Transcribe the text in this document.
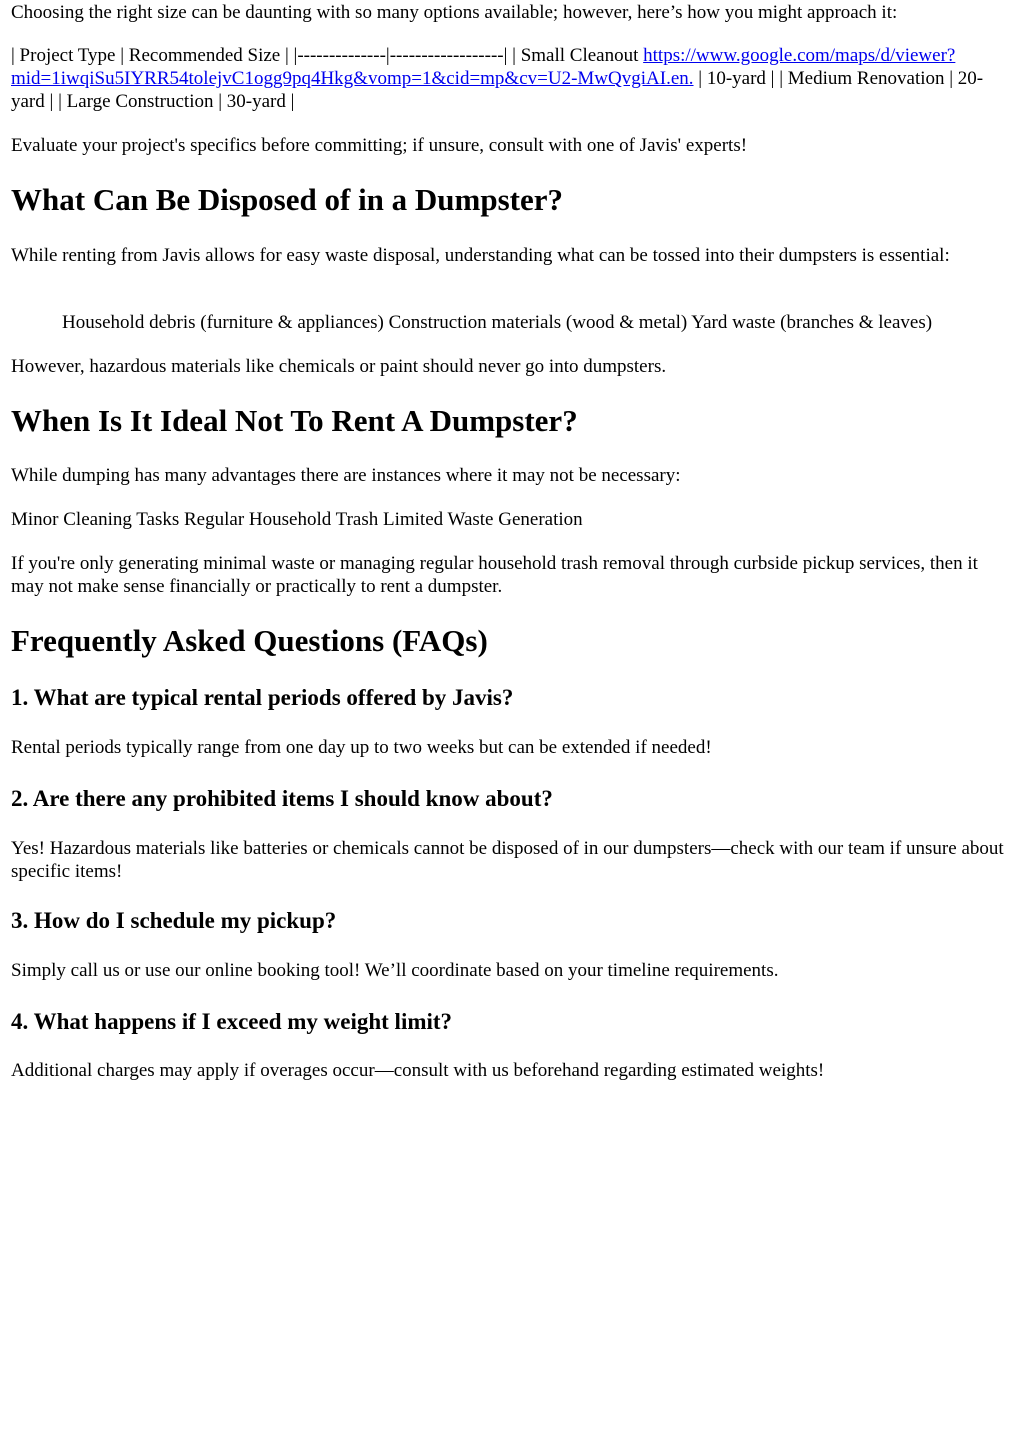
Choosing the right size can be daunting with so many options available; however, here’s how you might approach it:

| Project Type | Recommended Size | |--------------|------------------| | Small Cleanout https://www.google.com/maps/d/viewer?mid=1iwqiSu5IYRR54tolejvC1ogg9pq4Hkg&vomp=1&cid=mp&cv=U2-MwQvgiAI.en. | 10-yard | | Medium Renovation | 20-yard | | Large Construction | 30-yard |

Evaluate your project's specifics before committing; if unsure, consult with one of Javis' experts!

What Can Be Disposed of in a Dumpster?

While renting from Javis allows for easy waste disposal, understanding what can be tossed into their dumpsters is essential:

Household debris (furniture & appliances) Construction materials (wood & metal) Yard waste (branches & leaves)

However, hazardous materials like chemicals or paint should never go into dumpsters.

When Is It Ideal Not To Rent A Dumpster?

While dumping has many advantages there are instances where it may not be necessary:

Minor Cleaning Tasks Regular Household Trash Limited Waste Generation

If you're only generating minimal waste or managing regular household trash removal through curbside pickup services, then it may not make sense financially or practically to rent a dumpster.

Frequently Asked Questions (FAQs)
1. What are typical rental periods offered by Javis?

Rental periods typically range from one day up to two weeks but can be extended if needed!

2. Are there any prohibited items I should know about?

Yes! Hazardous materials like batteries or chemicals cannot be disposed of in our dumpsters—check with our team if unsure about specific items!

3. How do I schedule my pickup?

Simply call us or use our online booking tool! We’ll coordinate based on your timeline requirements.

4. What happens if I exceed my weight limit?

Additional charges may apply if overages occur—consult with us beforehand regarding estimated weights!
